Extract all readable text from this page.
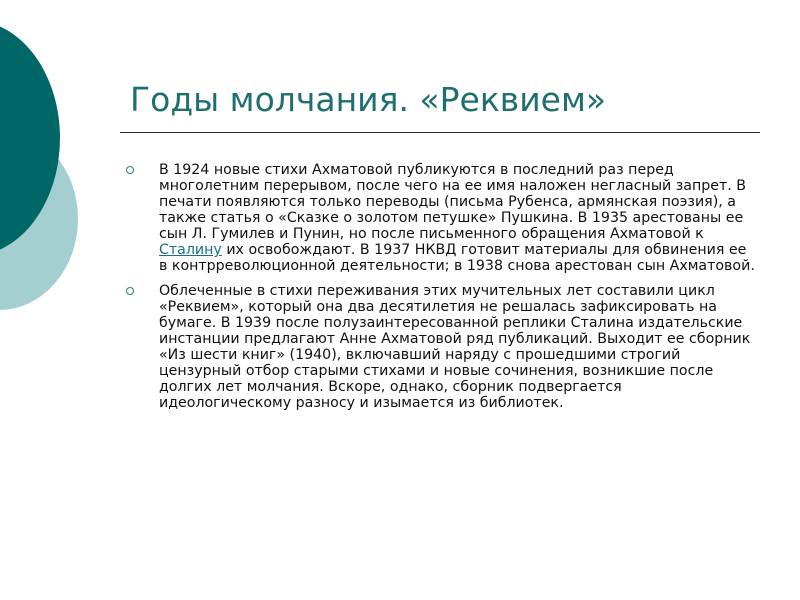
Годы молчания. «Реквием»
В 1924 новые стихи Ахматовой публикуются в последний раз перед многолетним перерывом, после чего на ее имя наложен негласный запрет. В печати появляются только переводы (письма Рубенса, армянская поэзия), а также статья о «Сказке о золотом петушке» Пушкина. В 1935 арестованы ее сын Л. Гумилев и Пунин, но после письменного обращения Ахматовой к Сталину их освобождают. В 1937 НКВД готовит материалы для обвинения ее в контрреволюционной деятельности; в 1938 снова арестован сын Ахматовой.
Облеченные в стихи переживания этих мучительных лет составили цикл «Реквием», который она два десятилетия не решалась зафиксировать на бумаге. В 1939 после полузаинтересованной реплики Сталина издательские инстанции предлагают Анне Ахматовой ряд публикаций. Выходит ее сборник «Из шести книг» (1940), включавший наряду с прошедшими строгий цензурный отбор старыми стихами и новые сочинения, возникшие после долгих лет молчания. Вскоре, однако, сборник подвергается идеологическому разносу и изымается из библиотек.
